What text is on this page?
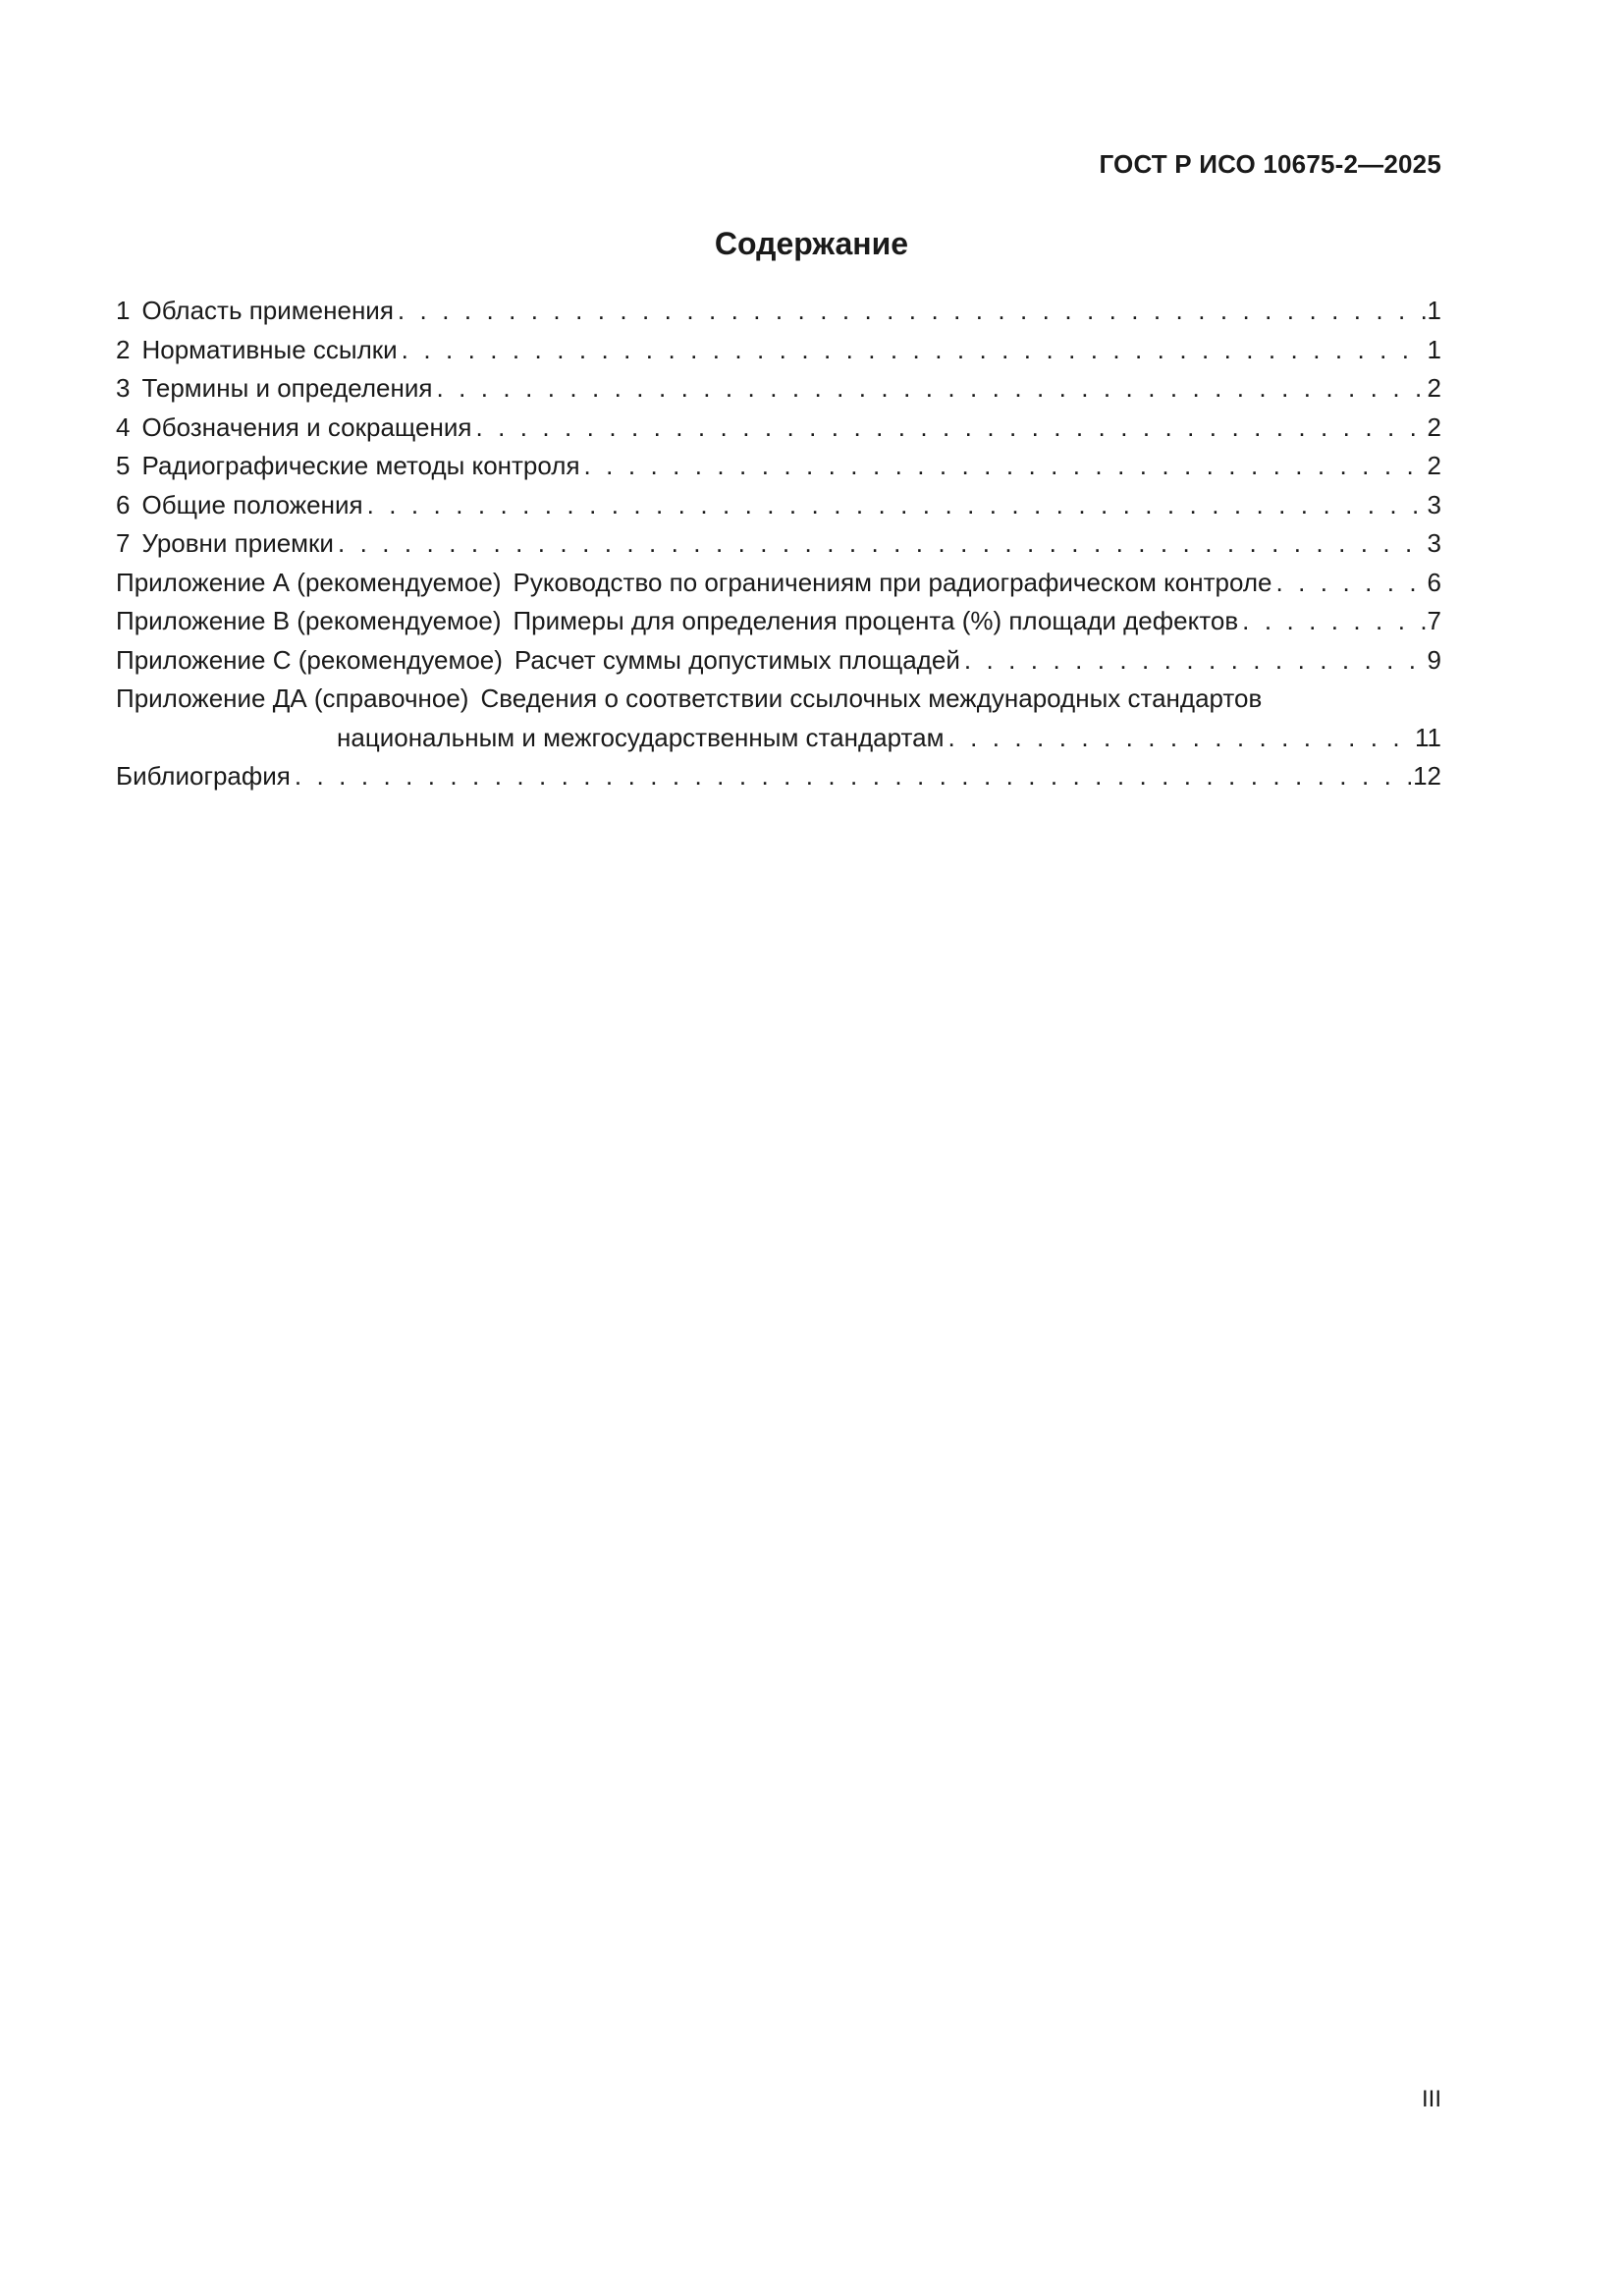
ГОСТ Р ИСО 10675-2—2025
Содержание
1 Область применения . . .	1
2 Нормативные ссылки . . .	1
3 Термины и определения . . .	2
4 Обозначения и сокращения . . .	2
5 Радиографические методы контроля . . .	2
6 Общие положения . . .	3
7 Уровни приемки . . .	3
Приложение А (рекомендуемое) Руководство по ограничениям при радиографическом контроле . . .	6
Приложение В (рекомендуемое) Примеры для определения процента (%) площади дефектов . . .	7
Приложение С (рекомендуемое) Расчет суммы допустимых площадей . . .	9
Приложение ДА (справочное) Сведения о соответствии ссылочных международных стандартов
национальным и межгосударственным стандартам . . .	11
Библиография . . .	12
III
